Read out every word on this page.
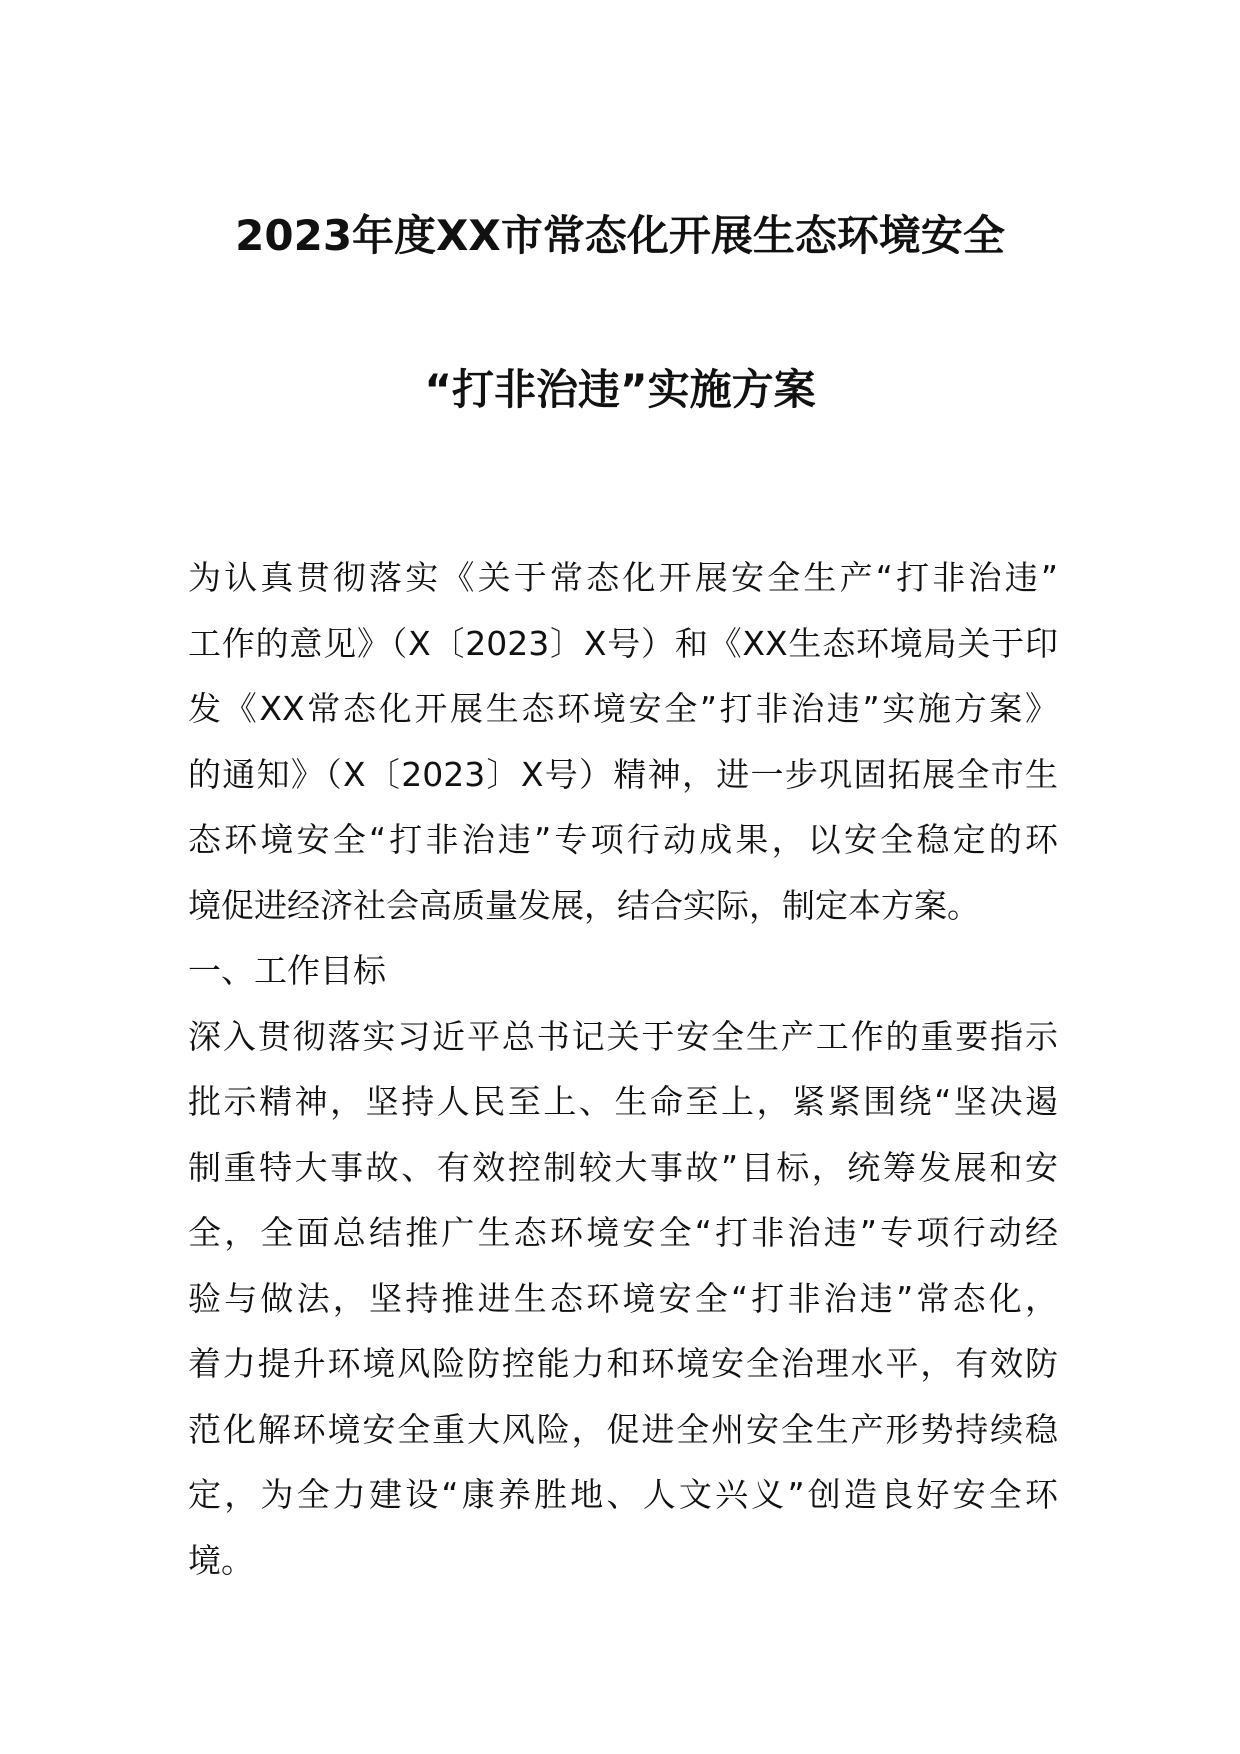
2023年度XX市常态化开展生态环境安全
“打非治违”实施方案
为认真贯彻落实《关于常态化开展安全生产“打非治违”
工作的意见》（X〔2023〕X号）和《XX生态环境局关于印
发《XX常态化开展生态环境安全”打非治违”实施方案》
的通知》（X〔2023〕X号）精神，进一步巩固拓展全市生
态环境安全“打非治违”专项行动成果，以安全稳定的环
境促进经济社会高质量发展，结合实际，制定本方案。
一、工作目标
深入贯彻落实习近平总书记关于安全生产工作的重要指示
批示精神，坚持人民至上、生命至上，紧紧围绕“坚决遏
制重特大事故、有效控制较大事故”目标，统筹发展和安
全，全面总结推广生态环境安全“打非治违”专项行动经
验与做法，坚持推进生态环境安全“打非治违”常态化，
着力提升环境风险防控能力和环境安全治理水平，有效防
范化解环境安全重大风险，促进全州安全生产形势持续稳
定，为全力建设“康养胜地、人文兴义”创造良好安全环
境。
